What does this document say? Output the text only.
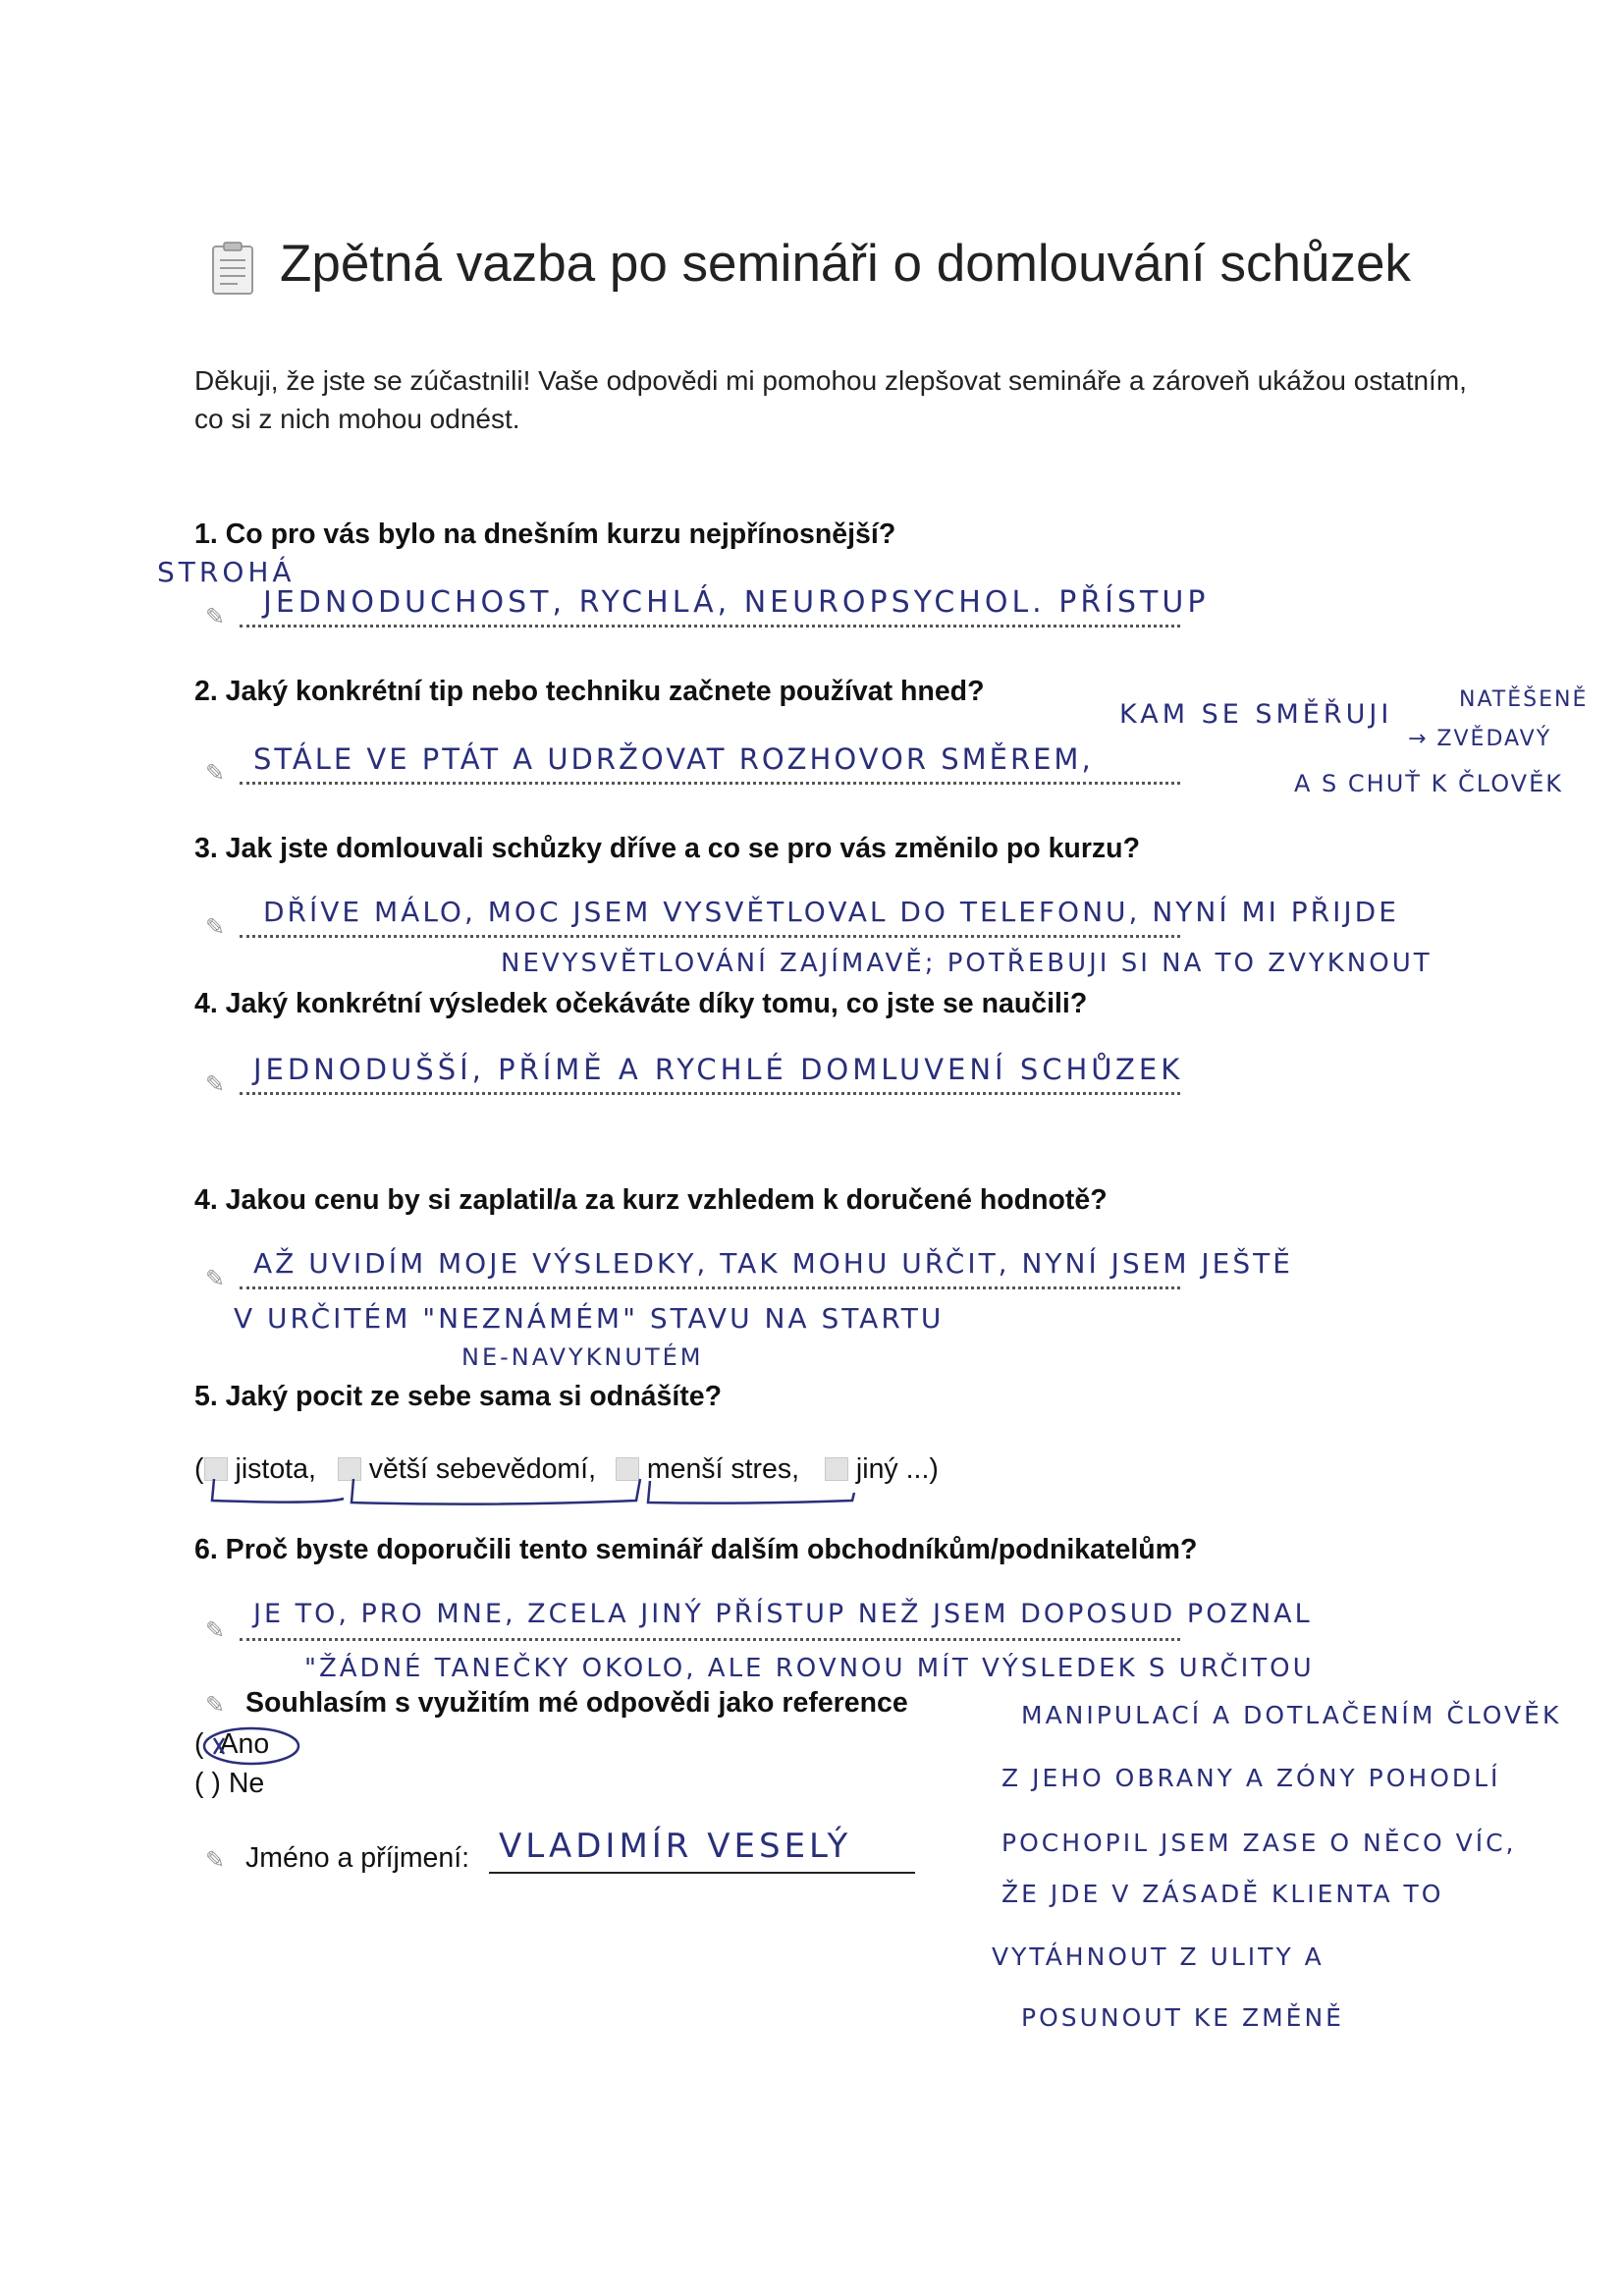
Zpětná vazba po semináři o domlouvání schůzek
Děkuji, že jste se zúčastnili! Vaše odpovědi mi pomohou zlepšovat semináře a zároveň ukážou ostatním, co si z nich mohou odnést.
1. Co pro vás bylo na dnešním kurzu nejpřínosnější?
STROHÁ
✎ JEDNODUCHOST, RYCHLÁ, NEUROPSYCHOL. PŘÍSTUP
2. Jaký konkrétní tip nebo techniku začnete používat hned?
KAM SE SMĚŘUJI	NATĚŠENĚ
→ ZVĚDAVÝ
✎ STÁLE VE PTÁT A UDRŽOVAT ROZHOVOR SMĚREM,
A S CHUŤ K ČLOVĚK
3. Jak jste domlouvali schůzky dříve a co se pro vás změnilo po kurzu?
✎ DŘÍVE MÁLO, MOC JSEM VYSVĚTLOVAL DO TELEFONU, NYNÍ MI PŘIJDE
NEVYSVĚTLOVÁNÍ ZAJÍMAVĚ; POTŘEBUJI SI NA TO ZVYKNOUT
4. Jaký konkrétní výsledek očekáváte díky tomu, co jste se naučili?
✎ JEDNODUŠŠÍ, PŘÍMĚ A RYCHLÉ DOMLUVENÍ SCHŮZEK
4. Jakou cenu by si zaplatil/a za kurz vzhledem k doručené hodnotě?
✎ AŽ UVIDÍM MOJE VÝSLEDKY, TAK MOHU UŘČIT, NYNÍ JSEM JEŠTĚ
V URČITÉM "NEZNÁMÉM" STAVU NA STARTU
NE-NAVYKNUTÉM
5. Jaký pocit ze sebe sama si odnášíte?
( jistota, větší sebevědomí, menší stres, jiný ...)
6. Proč byste doporučili tento seminář dalším obchodníkům/podnikatelům?
✎
JE TO, PRO MNE, ZCELA JINÝ PŘÍSTUP NEŽ JSEM DOPOSUD POZNAL
"ŽÁDNÉ TANEČKY OKOLO, ALE ROVNOU MÍT VÝSLEDEK S URČITOU
MANIPULACÍ A DOTLAČENÍM ČLOVĚK
Z JEHO OBRANY A ZÓNY POHODLÍ
POCHOPIL JSEM ZASE O NĚCO VÍC,
ŽE JDE V ZÁSADĚ KLIENTA TO
VYTÁHNOUT Z ULITY A
POSUNOUT KE ZMĚNĚ
✎ Souhlasím s využitím mé odpovědi jako reference
( Ano
( ) Ne
✎ Jméno a příjmení: VLADIMÍR VESELÝ
